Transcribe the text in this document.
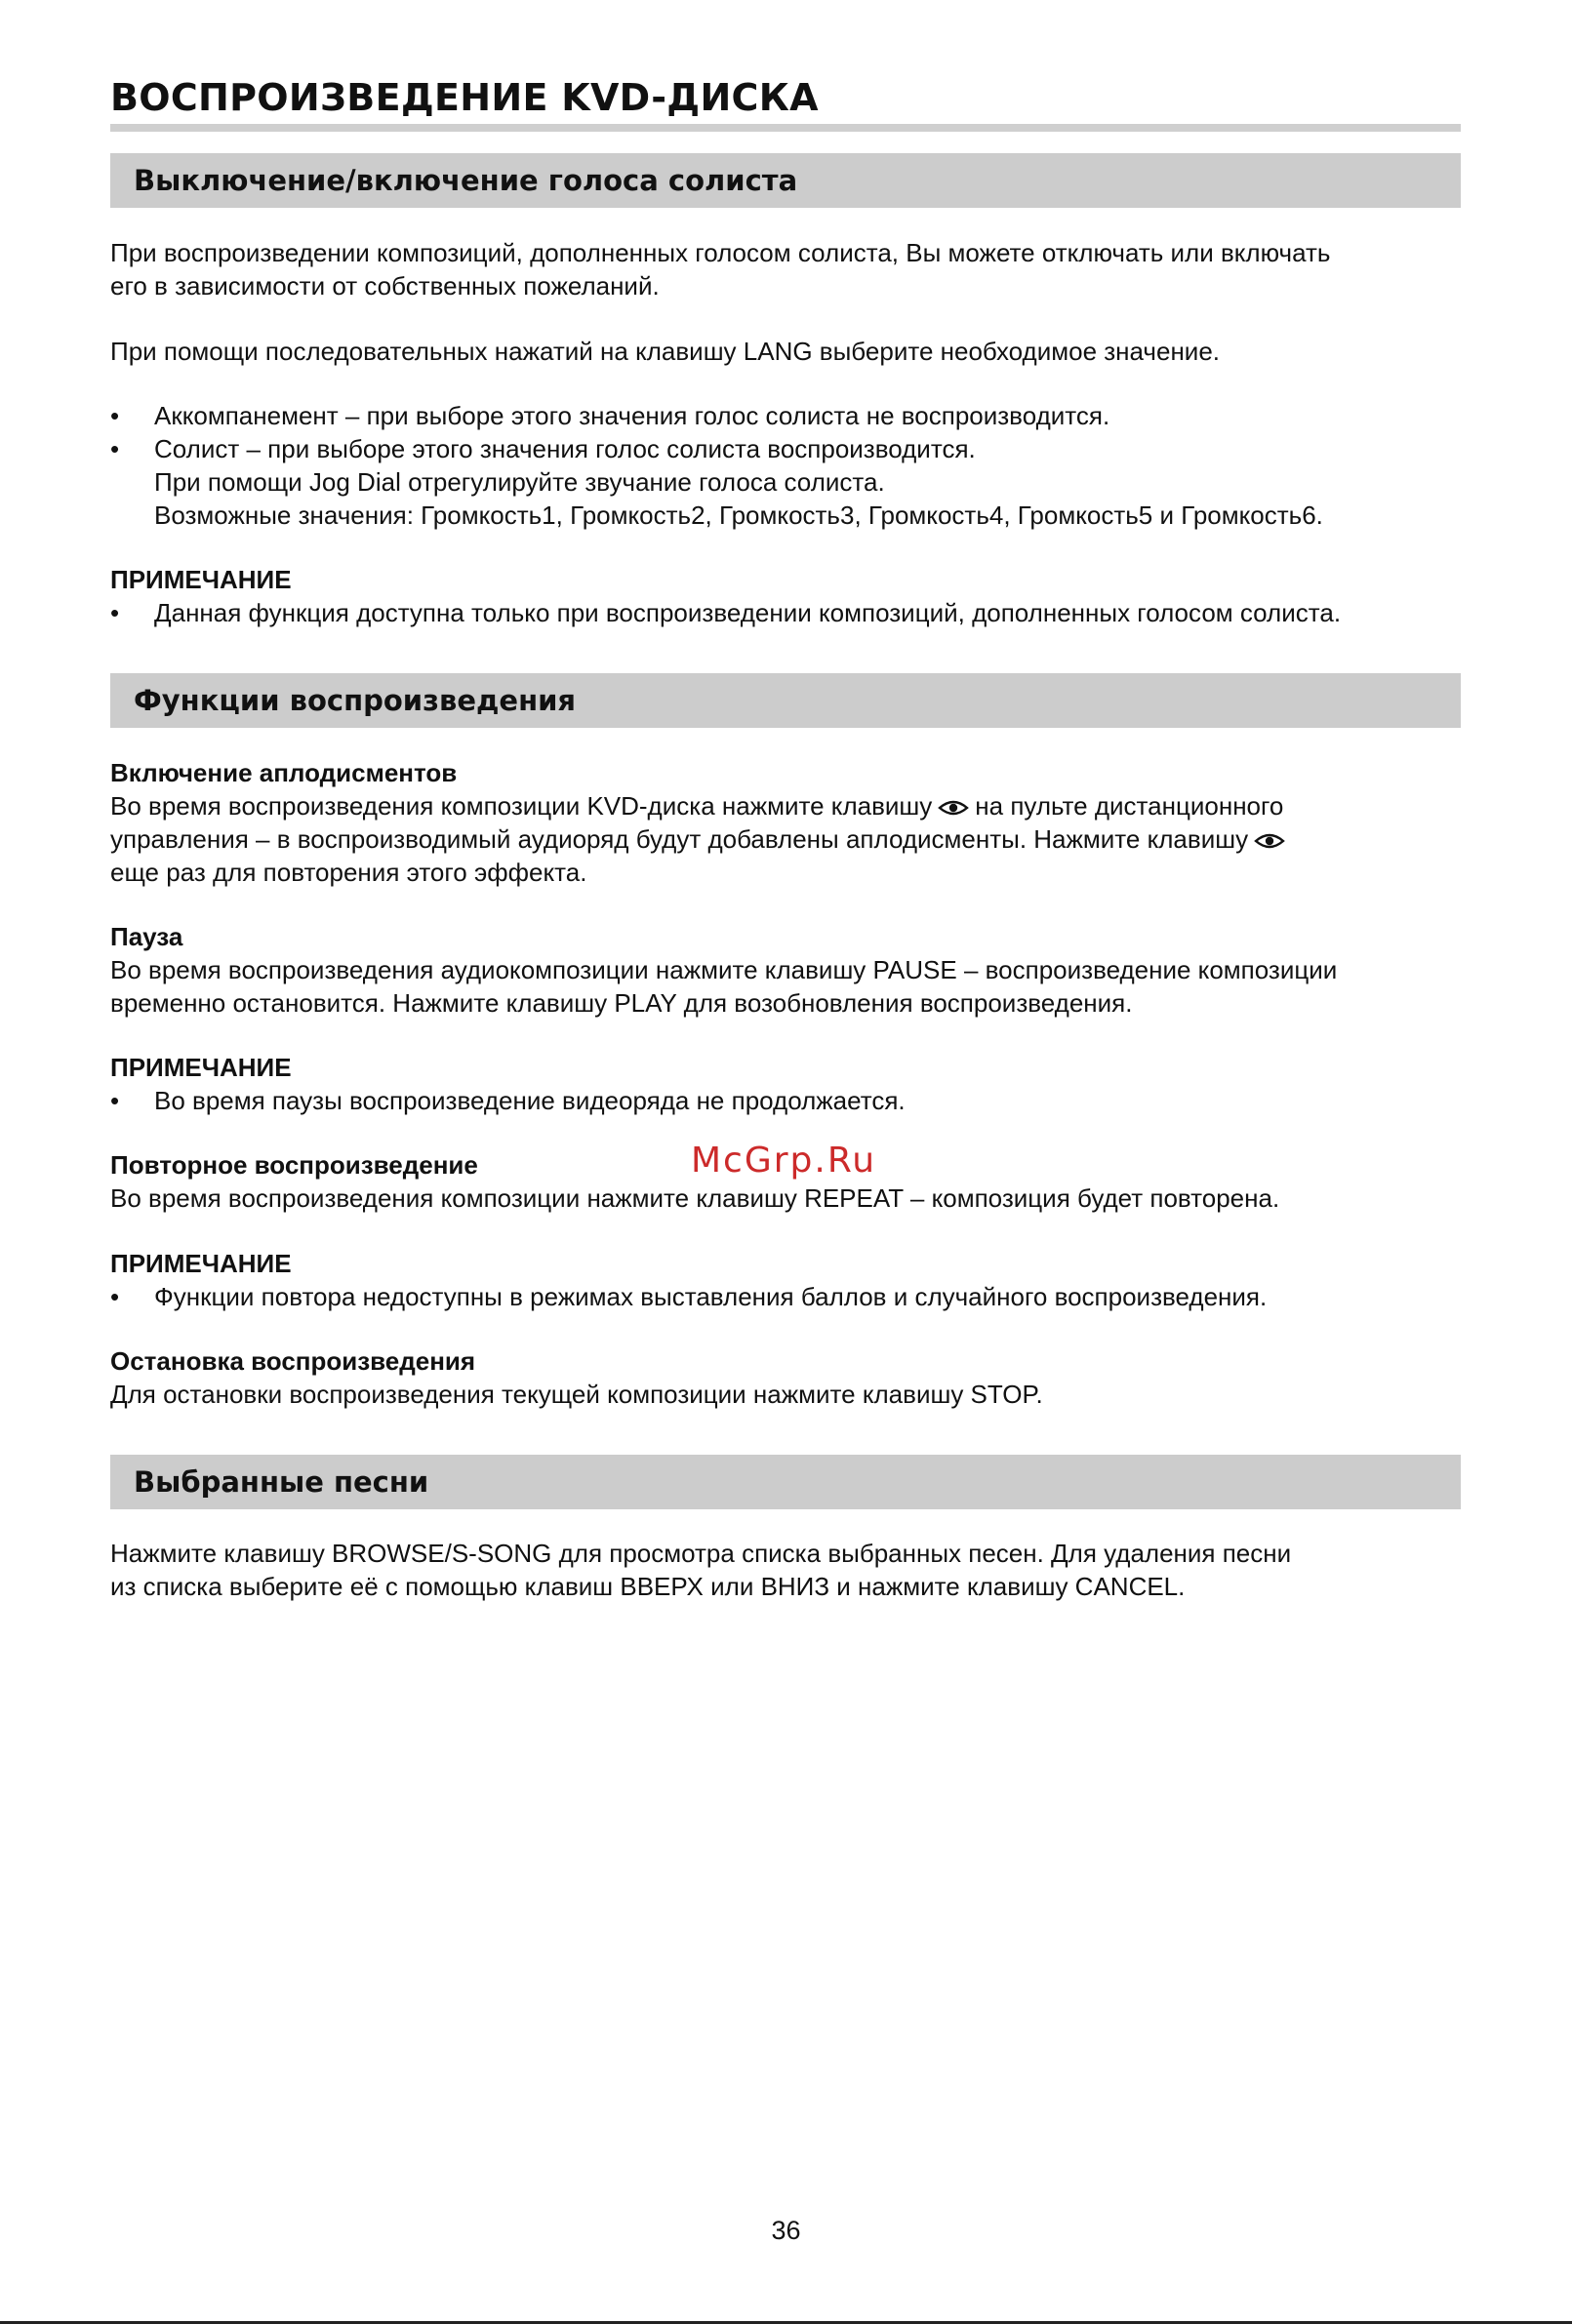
ВОСПРОИЗВЕДЕНИЕ KVD-ДИСКА
Выключение/включение голоса солиста

При воспроизведении композиций, дополненных голосом солиста, Вы можете отключать или включать

его в зависимости от собственных пожеланий.

При помощи последовательных нажатий на клавишу LANG выберите необходимое значение.

• Аккомпанемент – при выборе этого значения голос солиста не воспроизводится.

• Солист – при выборе этого значения голос солиста воспроизводится.

При помощи Jog Dial отрегулируйте звучание голоса солиста.

Возможные значения: Громкость1, Громкость2, Громкость3, Громкость4, Громкость5 и Громкость6.

ПРИМЕЧАНИЕ

• Данная функция доступна только при воспроизведении композиций, дополненных голосом солиста.

Функции воспроизведения

Включение аплодисментов

Во время воспроизведения композиции KVD-диска нажмите клавишу на пульте дистанционного

управления – в воспроизводимый аудиоряд будут добавлены аплодисменты. Нажмите клавишу

еще раз для повторения этого эффекта.

Пауза

Во время воспроизведения аудиокомпозиции нажмите клавишу PAUSE – воспроизведение композиции

временно остановится. Нажмите клавишу PLAY для возобновления воспроизведения.

ПРИМЕЧАНИЕ

• Во время паузы воспроизведение видеоряда не продолжается.

Повторное воспроизведение

Во время воспроизведения композиции нажмите клавишу REPEAT – композиция будет повторена.

ПРИМЕЧАНИЕ

• Функции повтора недоступны в режимах выставления баллов и случайного воспроизведения.

Остановка воспроизведения

Для остановки воспроизведения текущей композиции нажмите клавишу STOP.

Выбранные песни

Нажмите клавишу BROWSE/S-SONG для просмотра списка выбранных песен. Для удаления песни

из списка выберите её с помощью клавиш ВВЕРХ или ВНИЗ и нажмите клавишу CANCEL.

McGrp.Ru
36
